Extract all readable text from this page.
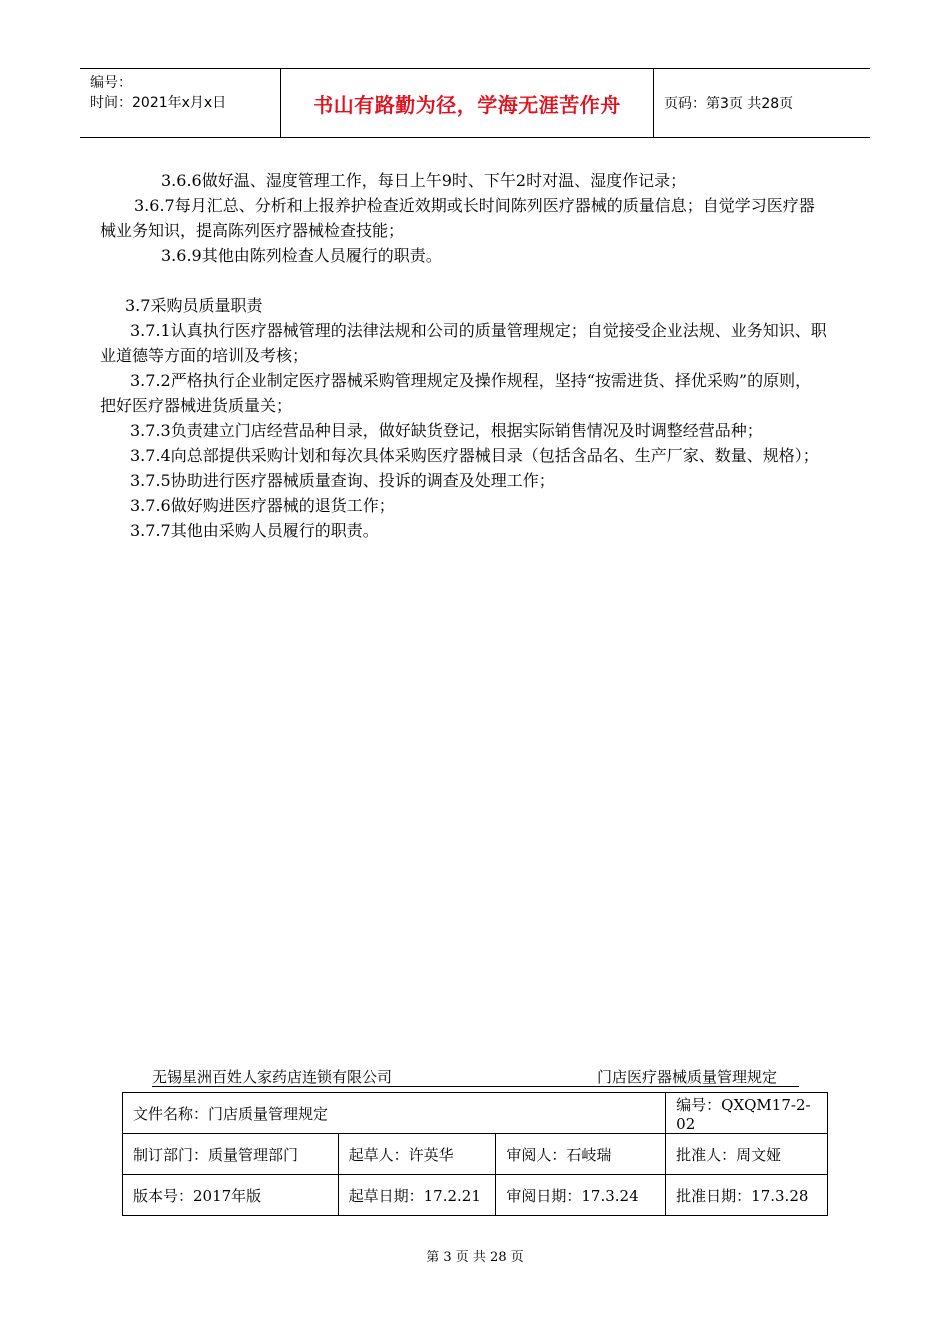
编号：
时间：2021年x月x日	书山有路勤为径，学海无涯苦作舟	页码：第3页 共28页

3.6.6做好温、湿度管理工作，每日上午9时、下午2时对温、湿度作记录；

3.6.7每月汇总、分析和上报养护检查近效期或长时间陈列医疗器械的质量信息；自觉学习医疗器械业务知识，提高陈列医疗器械检查技能；

3.6.9其他由陈列检查人员履行的职责。

3.7采购员质量职责

3.7.1认真执行医疗器械管理的法律法规和公司的质量管理规定；自觉接受企业法规、业务知识、职业道德等方面的培训及考核；

3.7.2严格执行企业制定医疗器械采购管理规定及操作规程，坚持“按需进货、择优采购”的原则，把好医疗器械进货质量关；

3.7.3负责建立门店经营品种目录，做好缺货登记，根据实际销售情况及时调整经营品种；

3.7.4向总部提供采购计划和每次具体采购医疗器械目录（包括含品名、生产厂家、数量、规格）；

3.7.5协助进行医疗器械质量查询、投诉的调查及处理工作；

3.7.6做好购进医疗器械的退货工作；

3.7.7其他由采购人员履行的职责。

无锡星洲百姓人家药店连锁有限公司	门店医疗器械质量管理规定
文件名称：门店质量管理规定			编号：QXQM17-2-02
制订部门：质量管理部门	起草人：许英华	审阅人：石岐瑞	批准人：周文娅
版本号：2017年版	起草日期：17.2.21	审阅日期：17.3.24	批准日期：17.3.28
第 3 页 共 28 页
